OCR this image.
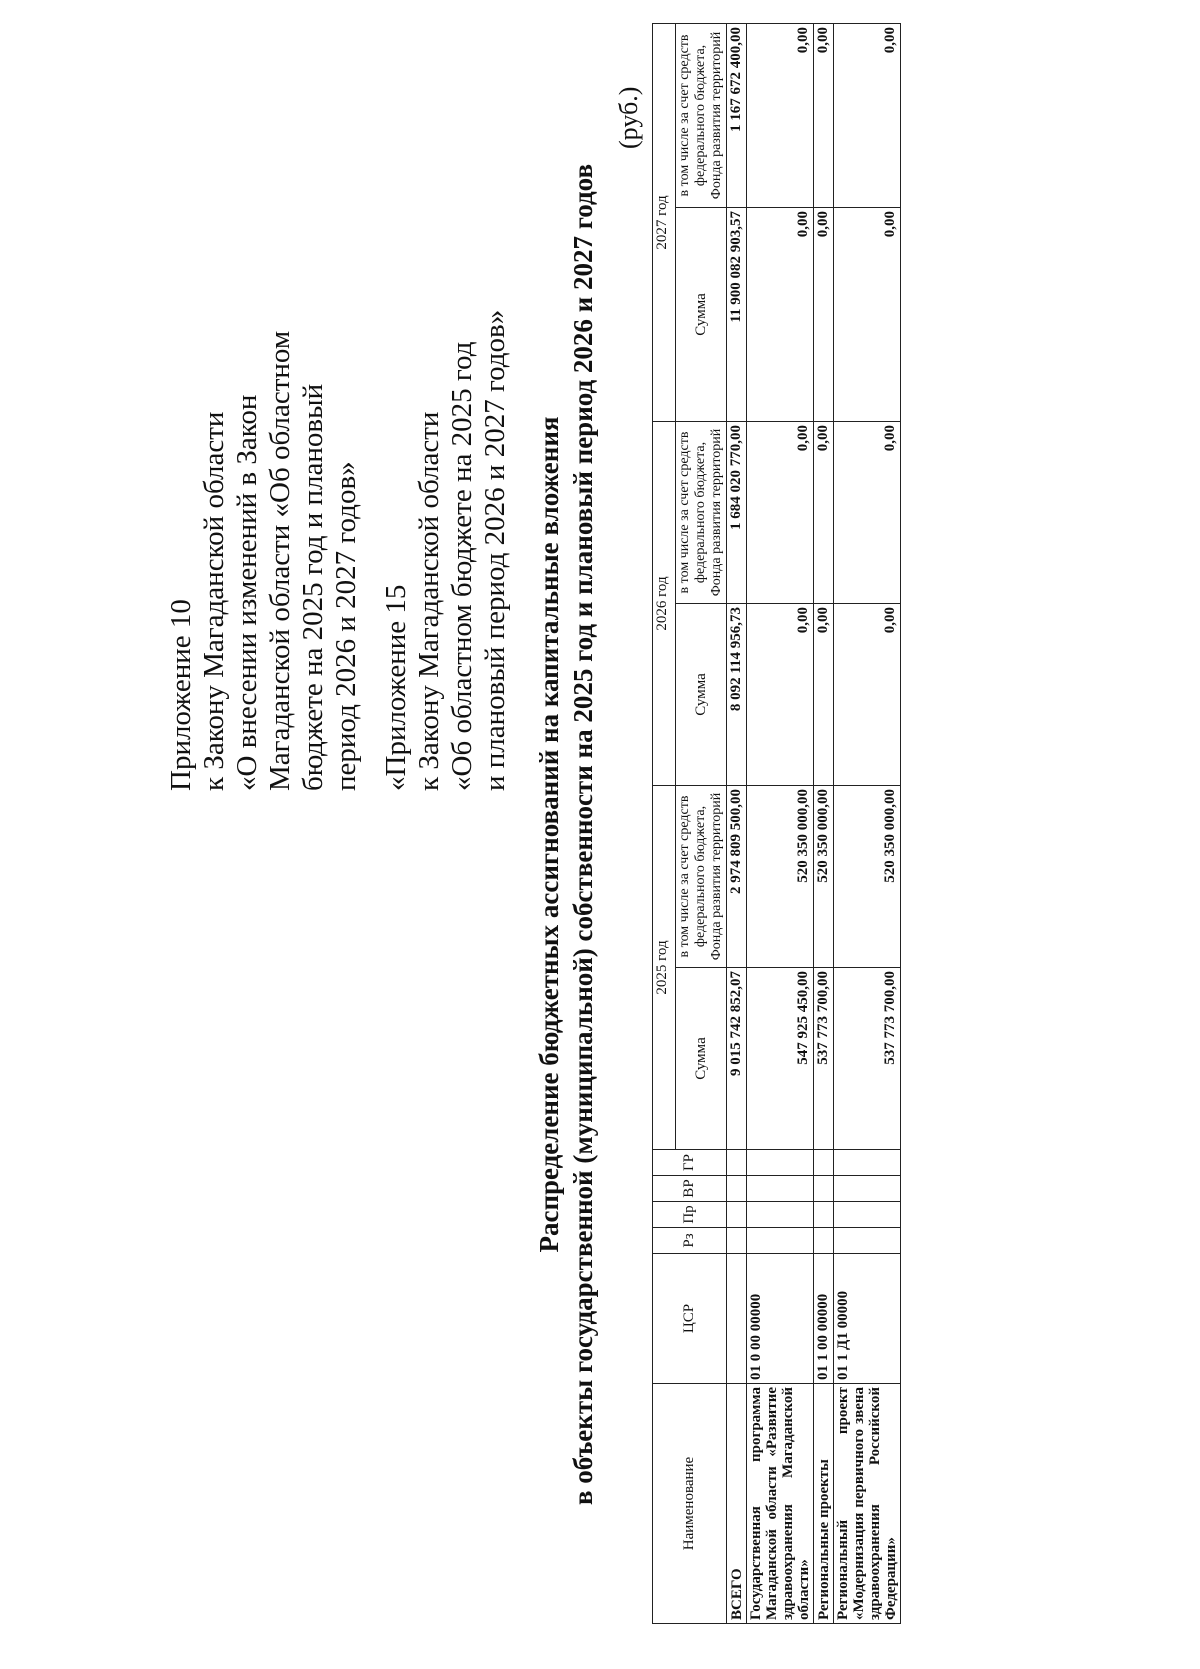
Приложение 10 к Закону Магаданской области «О внесении изменений в Закон Магаданской области «Об областном бюджете на 2025 год и плановый период 2026 и 2027 годов» «Приложение 15 к Закону Магаданской области «Об областном бюджете на 2025 год и плановый период 2026 и 2027 годов» Распределение бюджетных ассигнований на капитальные вложения в объекты государственной (муниципальной) собственности на 2025 год и плановый период 2026 и 2027 годов
(руб.)
Наименование	ЦСР	Рз	Пр	ВР	ГР	2025 год		2026 год		2027 год	
						Сумма	в том числе за счет средств федерального бюджета, Фонда развития территорий	Сумма	в том числе за счет средств федерального бюджета, Фонда развития территорий	Сумма	в том числе за счет средств федерального бюджета, Фонда развития территорий
ВСЕГО						9 015 742 852,07	2 974 809 500,00	8 092 114 956,73	1 684 020 770,00	11 900 082 903,57	1 167 672 400,00
Государственная программа Магаданской области «Развитие здравоохранения Магаданской области»	01 0 00 00000					547 925 450,00	520 350 000,00	0,00	0,00	0,00	0,00
Региональные проекты	01 1 00 00000					537 773 700,00	520 350 000,00	0,00	0,00	0,00	0,00
Региональный проект «Модернизация первичного звена здравоохранения Российской Федерации»	01 1 Д1 00000					537 773 700,00	520 350 000,00	0,00	0,00	0,00	0,00
